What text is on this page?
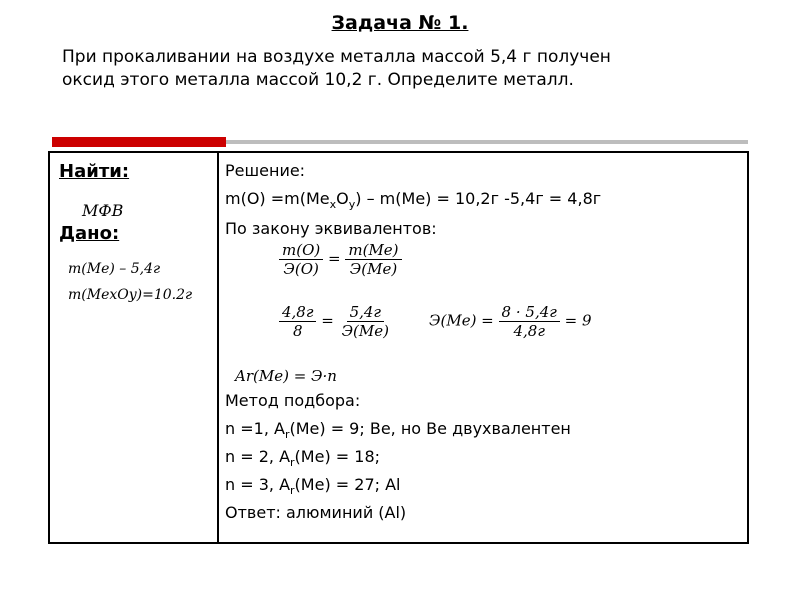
Задача № 1.
При прокаливании на воздухе металла массой 5,4 г получен
оксид этого металла массой 10,2 г. Определите металл.
Найти:
МФВ
Дано:
m(Me) – 5,4г
m(MexOy)=10.2г
Решение:
$m(O) =m(Me_xO_y) - m(Me) = 10,2г$ -5,4г = 4,8г
По закону эквивалентов:
$\frac{m(O)}{Э(O)} = \frac{m(Me)}{Э(Me)}$
$\frac{4,8г}{8} = \frac{5,4г}{Э(Me)} Э(Me) = \frac{8 \cdot 5,4г}{4,8г} = 9$
Ar(Me) = Э·n
Метод подбора:
n =1, $A_r(Me) = 9$; Be, но Be двухвалентен
n = 2, $A_r(Me) = 18$;
n = 3, $A_r(Me) = 27$; Al
Ответ: алюминий (Al)
